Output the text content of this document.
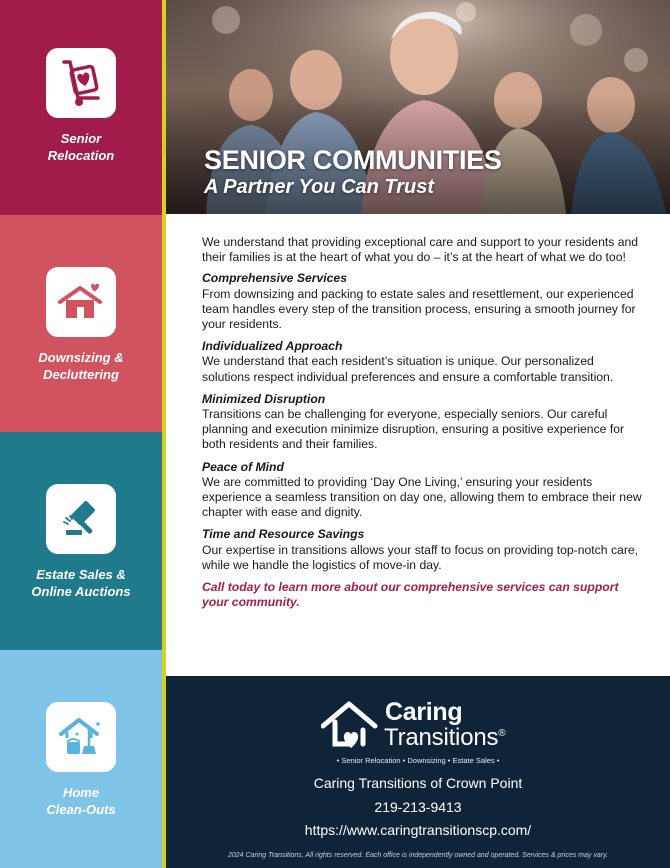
Senior
Relocation
Downsizing &
Decluttering
Estate Sales &
Online Auctions
Home
Clean-Outs
SENIOR COMMUNITIES
A Partner You Can Trust

We understand that providing exceptional care and support to your residents and their families is at the heart of what you do – it’s at the heart of what we do too!

Comprehensive Services

From downsizing and packing to estate sales and resettlement, our experienced team handles every step of the transition process, ensuring a smooth journey for your residents.

Individualized Approach

We understand that each resident’s situation is unique. Our personalized solutions respect individual preferences and ensure a comfortable transition.

Minimized Disruption

Transitions can be challenging for everyone, especially seniors. Our careful planning and execution minimize disruption, ensuring a positive experience for both residents and their families.

Peace of Mind

We are committed to providing ‘Day One Living,’ ensuring your residents experience a seamless transition on day one, allowing them to embrace their new chapter with ease and dignity.

Time and Resource Savings

Our expertise in transitions allows your staff to focus on providing top-notch care, while we handle the logistics of move-in day.

Call today to learn more about our comprehensive services can support your community.

Caring
Transitions®
• Senior Relocation • Downsizing • Estate Sales •
Caring Transitions of Crown Point
219-213-9413
https://www.caringtransitionscp.com/
2024 Caring Transitions, All rights reserved. Each office is independently owned and operated. Services & prices may vary.
